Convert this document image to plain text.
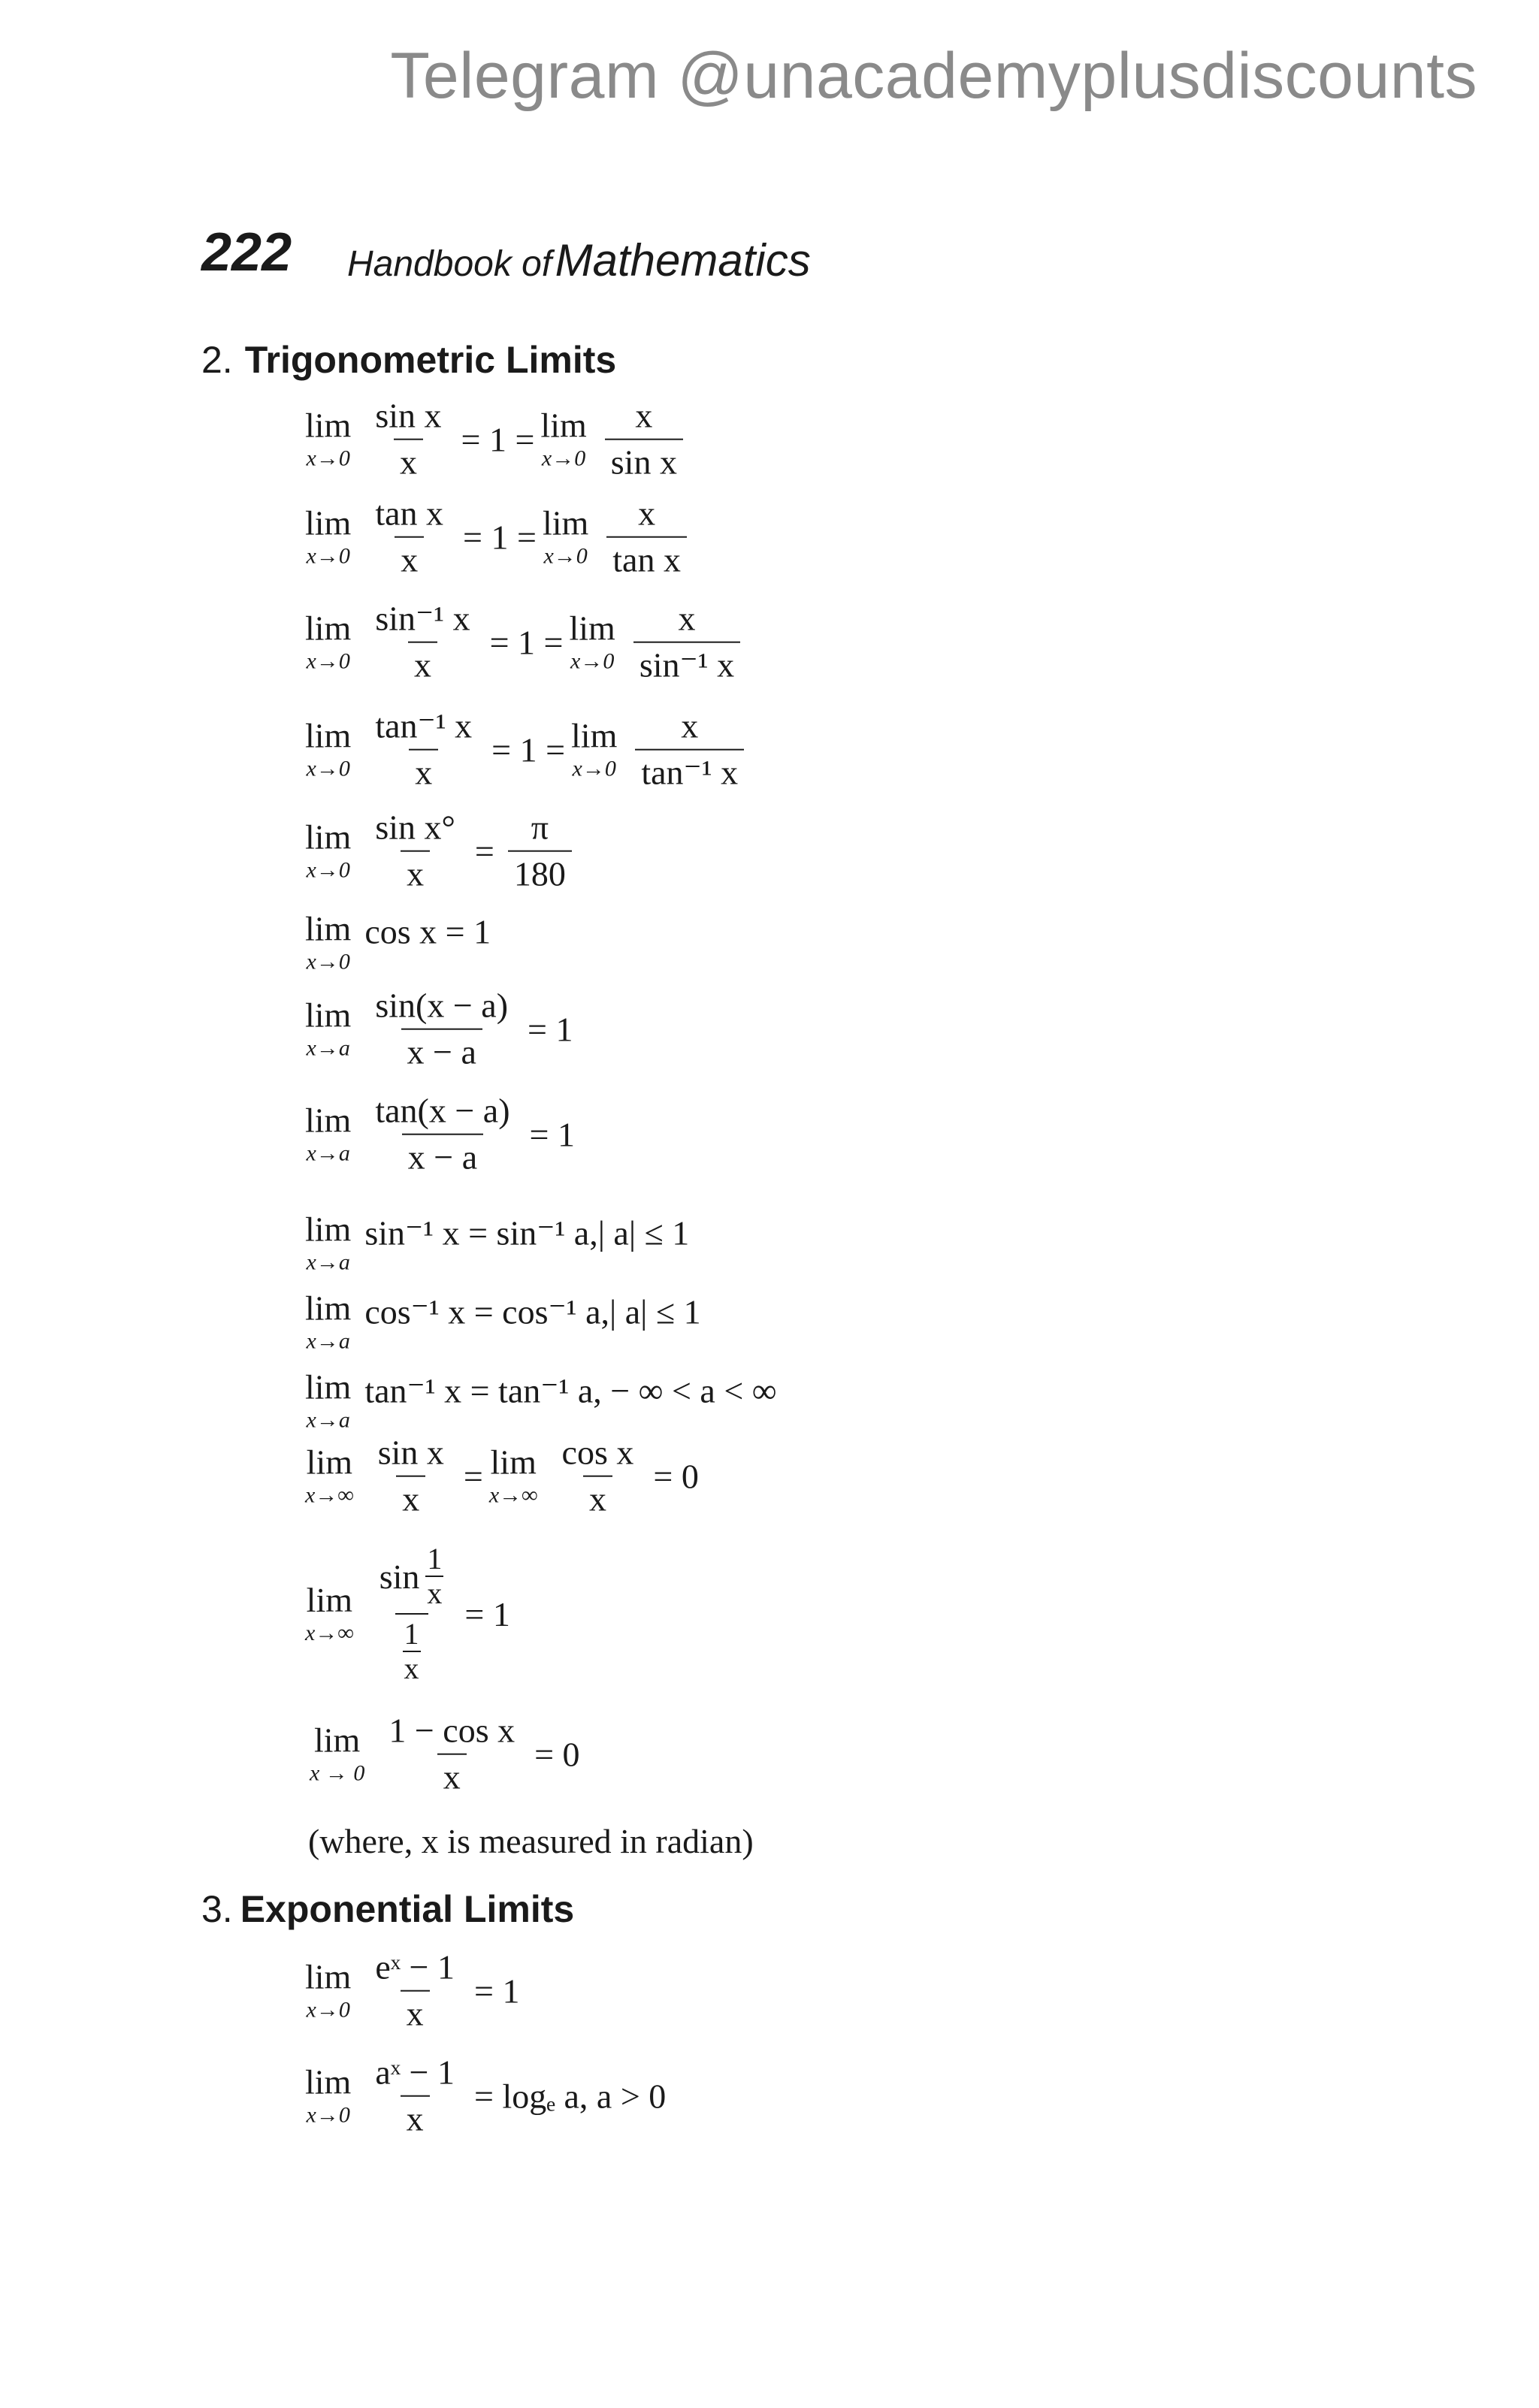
Telegram @unacademyplusdiscounts
222 Handbook of Mathematics
2. Trigonometric Limits
lim
$x\to 0 \frac{\text{sin x}}{x} = 1 = \lim$
$x\to 0 \frac{x}{\text{sin x}}$
lim
$x\to 0 \frac{\text{tan x}}{x} = 1 = \lim$
$x\to 0 \frac{x}{\text{tan x}}$
lim
$x\to 0 \frac{\text{sin⁻¹ x}}{x} = 1 = \lim$
$x\to 0 \frac{x}{\text{sin⁻¹ x}}$
lim
$x\to 0 \frac{\text{tan⁻¹ x}}{x} = 1 = \lim$
$x\to 0 \frac{x}{\text{tan⁻¹ x}}$
lim
$x\to 0 \frac{\text{sin x°}}{x} = \frac{\pi}{180}$
lim
x→0
cos x = 1
lim
$x\to a \frac{\sin(x - a)}{x - a} = 1$
lim
$x\to a \frac{\tan(x - a)}{x - a} = 1$
lim
x→a
sin⁻¹ x = sin⁻¹ a,| a| ≤ 1
lim
x→a
cos⁻¹ x = cos⁻¹ a,| a| ≤ 1
lim
x→a
tan⁻¹ x = tan⁻¹ a, − ∞ < a < ∞
lim
$x\to\infty \frac{\text{sin x}}{x} = \lim$
$x\to\infty \frac{\text{cos x}}{x} = 0$
lim
$x\to\infty \frac{\sin \frac{1}{x}}{\frac{1}{x}} = 1$
lim
$x \to 0 \frac{\text{1 − cos x}}{x} = 0$
(where, x is measured in radian)
3. Exponential Limits
lim
$x\to 0 \frac{\text{eˣ − 1}}{x} = 1$
lim
$x\to 0 \frac{\text{aˣ − 1}}{x} = \log_e$ a, a > 0
